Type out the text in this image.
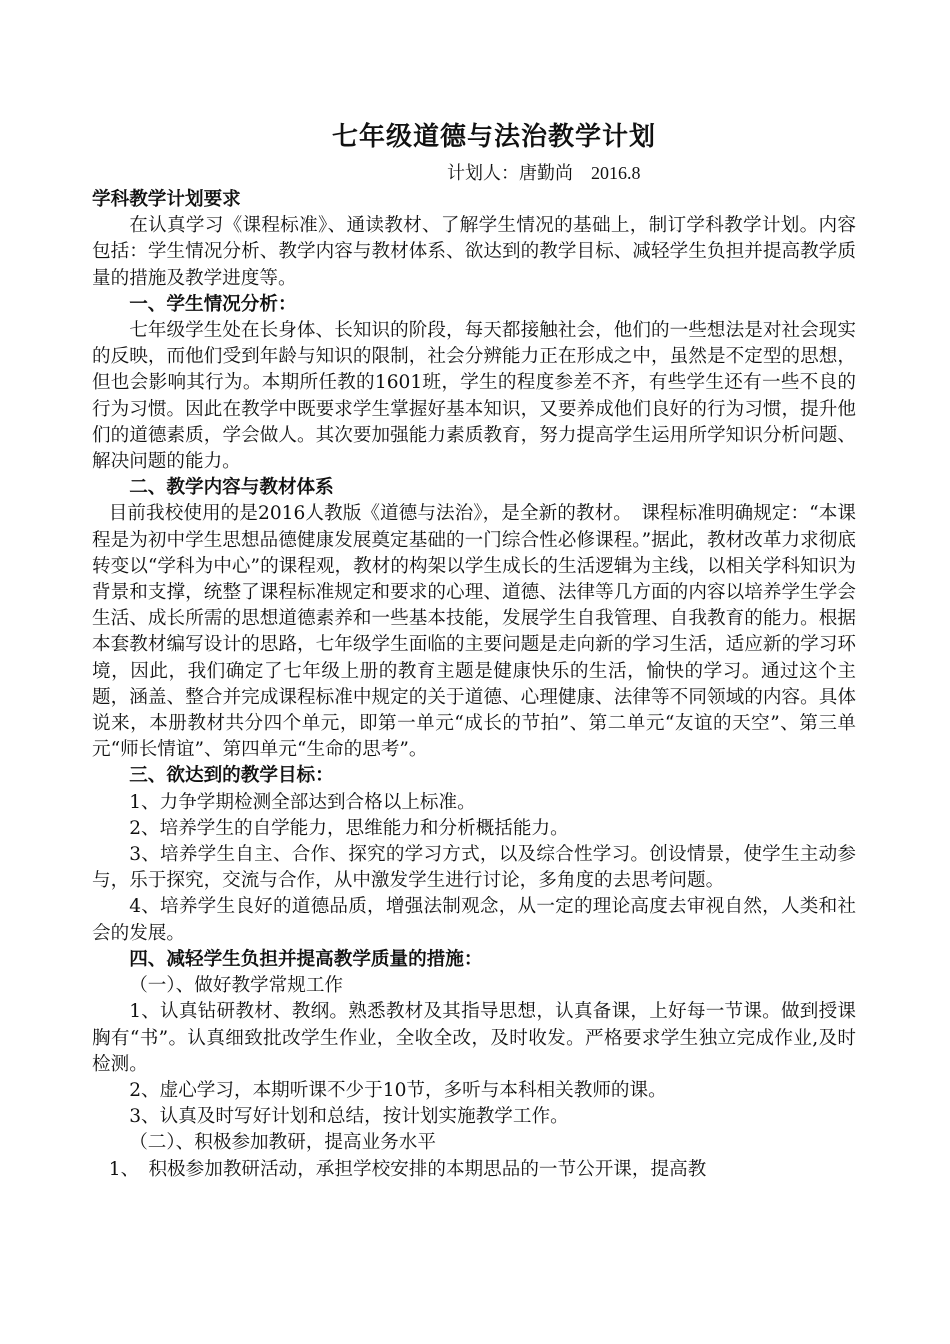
七年级道德与法治教学计划
计划人：唐勤尚 2016.8

学科教学计划要求

在认真学习《课程标准》、通读教材、了解学生情况的基础上，制订学科教学计划。内容包括：学生情况分析、教学内容与教材体系、欲达到的教学目标、减轻学生负担并提高教学质量的措施及教学进度等。

一、学生情况分析：

七年级学生处在长身体、长知识的阶段，每天都接触社会，他们的一些想法是对社会现实的反映，而他们受到年龄与知识的限制，社会分辨能力正在形成之中，虽然是不定型的思想，但也会影响其行为。本期所任教的1601班，学生的程度参差不齐，有些学生还有一些不良的行为习惯。因此在教学中既要求学生掌握好基本知识，又要养成他们良好的行为习惯，提升他们的道德素质，学会做人。其次要加强能力素质教育，努力提高学生运用所学知识分析问题、解决问题的能力。

二、教学内容与教材体系

目前我校使用的是2016人教版《道德与法治》，是全新的教材。　课程标准明确规定：“本课程是为初中学生思想品德健康发展奠定基础的一门综合性必修课程。”据此，教材改革力求彻底转变以“学科为中心”的课程观，教材的构架以学生成长的生活逻辑为主线，以相关学科知识为背景和支撑，统整了课程标准规定和要求的心理、道德、法律等几方面的内容以培养学生学会生活、成长所需的思想道德素养和一些基本技能，发展学生自我管理、自我教育的能力。根据本套教材编写设计的思路，七年级学生面临的主要问题是走向新的学习生活，适应新的学习环境，因此，我们确定了七年级上册的教育主题是健康快乐的生活，愉快的学习。通过这个主题，涵盖、整合并完成课程标准中规定的关于道德、心理健康、法律等不同领域的内容。具体说来，本册教材共分四个单元，即第一单元“成长的节拍”、第二单元“友谊的天空”、第三单元“师长情谊”、第四单元“生命的思考”。

三、欲达到的教学目标：

1、力争学期检测全部达到合格以上标准。

2、培养学生的自学能力，思维能力和分析概括能力。

3、培养学生自主、合作、探究的学习方式，以及综合性学习。创设情景，使学生主动参与，乐于探究，交流与合作，从中激发学生进行讨论，多角度的去思考问题。

4、培养学生良好的道德品质，增强法制观念，从一定的理论高度去审视自然，人类和社会的发展。

四、减轻学生负担并提高教学质量的措施：

（一）、做好教学常规工作

1、认真钻研教材、教纲。熟悉教材及其指导思想，认真备课，上好每一节课。做到授课胸有“书”。认真细致批改学生作业，全收全改，及时收发。严格要求学生独立完成作业,及时检测。

2、虚心学习，本期听课不少于10节，多听与本科相关教师的课。

3、认真及时写好计划和总结，按计划实施教学工作。

（二）、积极参加教研，提高业务水平

1、　积极参加教研活动，承担学校安排的本期思品的一节公开课，提高教
